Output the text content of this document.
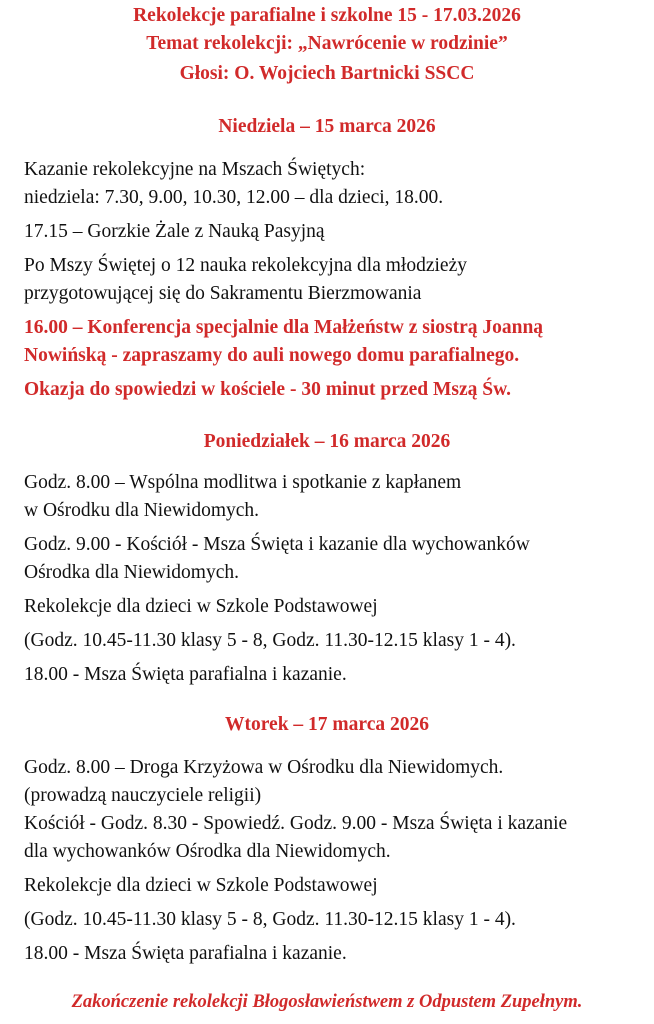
Rekolekcje parafialne i szkolne 15 - 17.03.2026
Temat rekolekcji: „Nawrócenie w rodzinie”
Głosi: O. Wojciech Bartnicki SSCC
Niedziela – 15 marca 2026

Kazanie rekolekcyjne na Mszach Świętych:

niedziela: 7.30, 9.00, 10.30, 12.00 – dla dzieci, 18.00.

17.15 – Gorzkie Żale z Nauką Pasyjną

Po Mszy Świętej o 12 nauka rekolekcyjna dla młodzieży

przygotowującej się do Sakramentu Bierzmowania

16.00 – Konferencja specjalnie dla Małżeństw z siostrą Joanną

Nowińską - zapraszamy do auli nowego domu parafialnego.

Okazja do spowiedzi w kościele - 30 minut przed Mszą Św.

Poniedziałek – 16 marca 2026

Godz. 8.00 – Wspólna modlitwa i spotkanie z kapłanem

w Ośrodku dla Niewidomych.

Godz. 9.00 - Kościół - Msza Święta i kazanie dla wychowanków

Ośrodka dla Niewidomych.

Rekolekcje dla dzieci w Szkole Podstawowej

(Godz. 10.45-11.30 klasy 5 - 8, Godz. 11.30-12.15 klasy 1 - 4).

18.00 - Msza Święta parafialna i kazanie.

Wtorek – 17 marca 2026

Godz. 8.00 – Droga Krzyżowa w Ośrodku dla Niewidomych.

(prowadzą nauczyciele religii)

Kościół - Godz. 8.30 - Spowiedź. Godz. 9.00 - Msza Święta i kazanie

dla wychowanków Ośrodka dla Niewidomych.

Rekolekcje dla dzieci w Szkole Podstawowej

(Godz. 10.45-11.30 klasy 5 - 8, Godz. 11.30-12.15 klasy 1 - 4).

18.00 - Msza Święta parafialna i kazanie.

Zakończenie rekolekcji Błogosławieństwem z Odpustem Zupełnym.
